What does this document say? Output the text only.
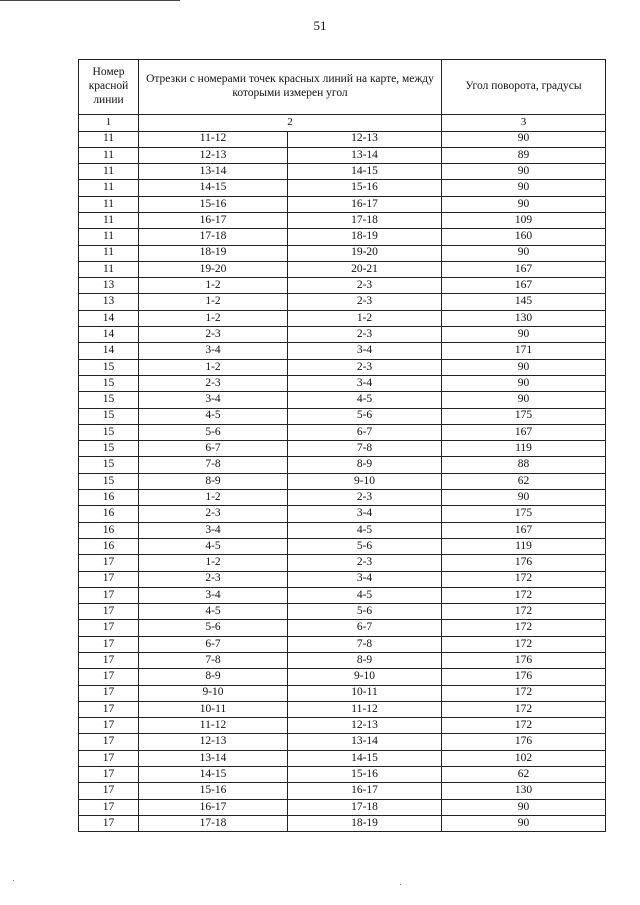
51
Номер красной линии	Отрезки с номерами точек красных линий на карте, между которыми измерен угол		Угол поворота, градусы
1	2		3
11	11-12	12-13	90
11	12-13	13-14	89
11	13-14	14-15	90
11	14-15	15-16	90
11	15-16	16-17	90
11	16-17	17-18	109
11	17-18	18-19	160
11	18-19	19-20	90
11	19-20	20-21	167
13	1-2	2-3	167
13	1-2	2-3	145
14	1-2	1-2	130
14	2-3	2-3	90
14	3-4	3-4	171
15	1-2	2-3	90
15	2-3	3-4	90
15	3-4	4-5	90
15	4-5	5-6	175
15	5-6	6-7	167
15	6-7	7-8	119
15	7-8	8-9	88
15	8-9	9-10	62
16	1-2	2-3	90
16	2-3	3-4	175
16	3-4	4-5	167
16	4-5	5-6	119
17	1-2	2-3	176
17	2-3	3-4	172
17	3-4	4-5	172
17	4-5	5-6	172
17	5-6	6-7	172
17	6-7	7-8	172
17	7-8	8-9	176
17	8-9	9-10	176
17	9-10	10-11	172
17	10-11	11-12	172
17	11-12	12-13	172
17	12-13	13-14	176
17	13-14	14-15	102
17	14-15	15-16	62
17	15-16	16-17	130
17	16-17	17-18	90
17	17-18	18-19	90
